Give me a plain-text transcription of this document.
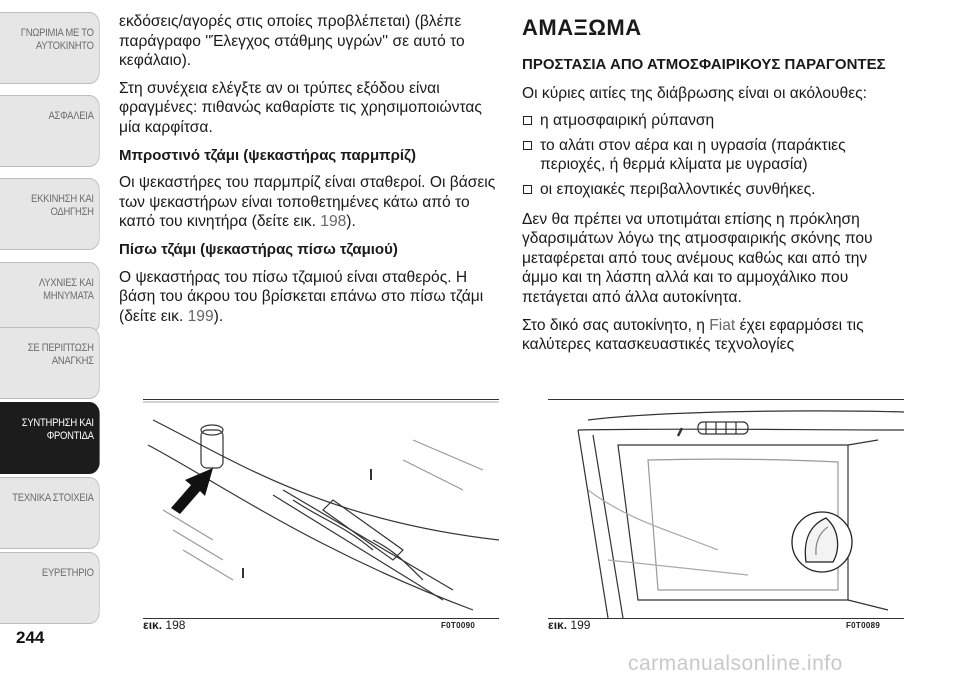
ΓΝΩΡΙΜΙΑ ΜΕ ΤΟ
ΑΥΤΟΚΙΝΗΤΟ
ΑΣΦΑΛΕΙΑ
ΕΚΚΙΝΗΣΗ ΚΑΙ
ΟΔΗΓΗΣΗ
ΛΥΧΝΙΕΣ ΚΑΙ
ΜΗΝΥΜΑΤΑ
ΣΕ ΠΕΡΙΠΤΩΣΗ
ΑΝΑΓΚΗΣ
ΣΥΝΤΗΡΗΣΗ ΚΑΙ
ΦΡΟΝΤΙΔΑ
ΤΕΧΝΙΚΑ ΣΤΟΙΧΕΙΑ
ΕΥΡΕΤΗΡΙΟ
244

εκδόσεις/αγορές στις οποίες προβλέπεται) (βλέπε παράγραφο ''Έλεγχος στάθμης υγρών'' σε αυτό το κεφάλαιο).

Στη συνέχεια ελέγξτε αν οι τρύπες εξόδου είναι φραγμένες: πιθανώς καθαρίστε τις χρησιμοποιώντας μία καρφίτσα.

Μπροστινό τζάμι (ψεκαστήρας παρμπρίζ)

Οι ψεκαστήρες του παρμπρίζ είναι σταθεροί. Οι βάσεις των ψεκαστήρων είναι τοποθετημένες κάτω από το καπό του κινητήρα (δείτε εικ. 198).

Πίσω τζάμι (ψεκαστήρας πίσω τζαμιού)

Ο ψεκαστήρας του πίσω τζαμιού είναι σταθερός. Η βάση του άκρου του βρίσκεται επάνω στο πίσω τζάμι (δείτε εικ. 199).

ΑΜΑΞΩΜΑ
ΠΡΟΣΤΑΣΙΑ ΑΠΟ ΑΤΜΟΣΦΑΙΡΙΚΟΥΣ ΠΑΡΑΓΟΝΤΕΣ

Οι κύριες αιτίες της διάβρωσης είναι οι ακόλουθες:

η ατμοσφαιρική ρύπανση
το αλάτι στον αέρα και η υγρασία (παράκτιες περιοχές, ή θερμά κλίματα με υγρασία)
οι εποχιακές περιβαλλοντικές συνθήκες.

Δεν θα πρέπει να υποτιμάται επίσης η πρόκληση γδαρσιμάτων λόγω της ατμοσφαιρικής σκόνης που μεταφέρεται από τους ανέμους καθώς και από την άμμο και τη λάσπη αλλά και το αμμοχάλικο που πετάγεται από άλλα αυτοκίνητα.

Στο δικό σας αυτοκίνητο, η Fiat έχει εφαρμόσει τις καλύτερες κατασκευαστικές τεχνολογίες

εικ. 198	F0T0090	εικ. 199	F0T0089
carmanualsonline.info
